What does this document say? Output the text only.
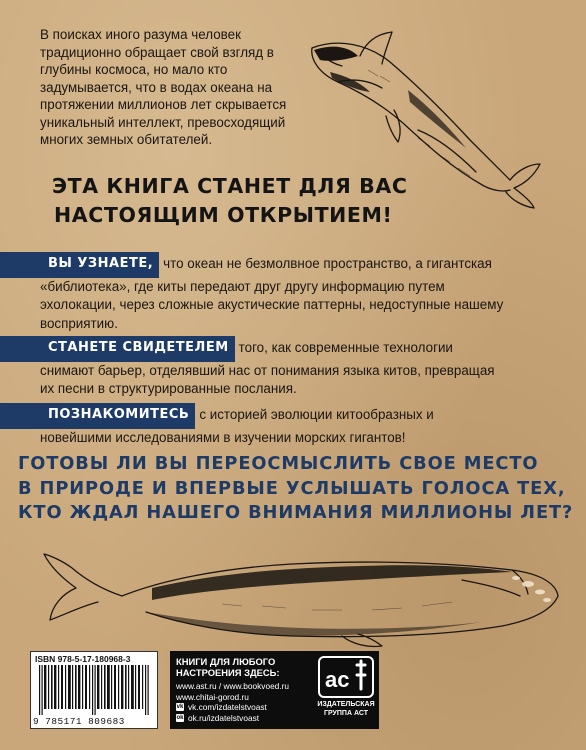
В поисках иного разума человек традиционно обращает свой взгляд в глубины космоса, но мало кто задумывается, что в водах океана на протяжении миллионов лет скрывается уникальный интеллект, превосходящий многих земных обитателей.
ЭТА КНИГА СТАНЕТ ДЛЯ ВАС
НАСТОЯЩИМ ОТКРЫТИЕМ!
ВЫ УЗНАЕТЕ, что океан не безмолвное пространство, а гигантская «библиотека», где киты передают друг другу информацию путем эхолокации, через сложные акустические паттерны, недоступные нашему восприятию.
СТАНЕТЕ СВИДЕТЕЛЕМ того, как современные технологии снимают барьер, отделявший нас от понимания языка китов, превращая их песни в структурированные послания.
ПОЗНАКОМИТЕСЬ с историей эволюции китообразных и новейшими исследованиями в изучении морских гигантов!
ГОТОВЫ ЛИ ВЫ ПЕРЕОСМЫСЛИТЬ СВОЕ МЕСТО
В ПРИРОДЕ И ВПЕРВЫЕ УСЛЫШАТЬ ГОЛОСА ТЕХ,
КТО ЖДАЛ НАШЕГО ВНИМАНИЯ МИЛЛИОНЫ ЛЕТ?
ISBN 978-5-17-180968-3
9 785171 809683
КНИГИ ДЛЯ ЛЮБОГО
НАСТРОЕНИЯ ЗДЕСЬ:
www.ast.ru / www.bookvoed.ru
www.chitai-gorod.ru
vk vk.com/izdatelstvoast
ok ok.ru/izdatelstvoast
ас
ИЗДАТЕЛЬСКАЯ
ГРУППА АСТ
